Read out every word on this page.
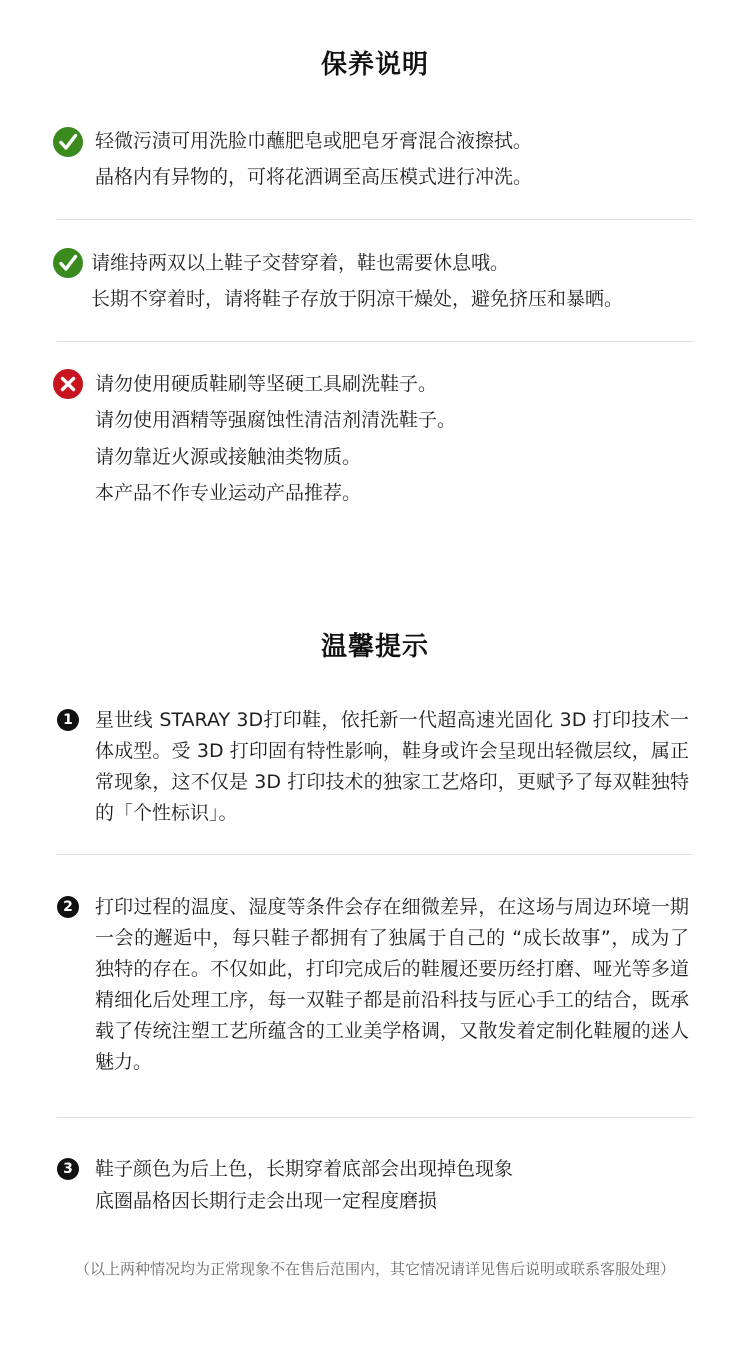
保养说明
轻微污渍可用洗脸巾蘸肥皂或肥皂牙膏混合液擦拭。
晶格内有异物的，可将花洒调至高压模式进行冲洗。
请维持两双以上鞋子交替穿着，鞋也需要休息哦。
长期不穿着时，请将鞋子存放于阴凉干燥处，避免挤压和暴晒。
请勿使用硬质鞋刷等坚硬工具刷洗鞋子。
请勿使用酒精等强腐蚀性清洁剂清洗鞋子。
请勿靠近火源或接触油类物质。
本产品不作专业运动产品推荐。
温馨提示
1	星世线 STARAY 3D打印鞋，依托新一代超高速光固化 3D 打印技术一体成型。受 3D 打印固有特性影响，鞋身或许会呈现出轻微层纹，属正常现象，这不仅是 3D 打印技术的独家工艺烙印，更赋予了每双鞋独特的「个性标识」。
2	打印过程的温度、湿度等条件会存在细微差异，在这场与周边环境一期一会的邂逅中，每只鞋子都拥有了独属于自己的 “成长故事”，成为了独特的存在。不仅如此，打印完成后的鞋履还要历经打磨、哑光等多道精细化后处理工序，每一双鞋子都是前沿科技与匠心手工的结合，既承载了传统注塑工艺所蕴含的工业美学格调，又散发着定制化鞋履的迷人魅力。
3	鞋子颜色为后上色，长期穿着底部会出现掉色现象
底圈晶格因长期行走会出现一定程度磨损
（以上两种情况均为正常现象不在售后范围内，其它情况请详见售后说明或联系客服处理）
